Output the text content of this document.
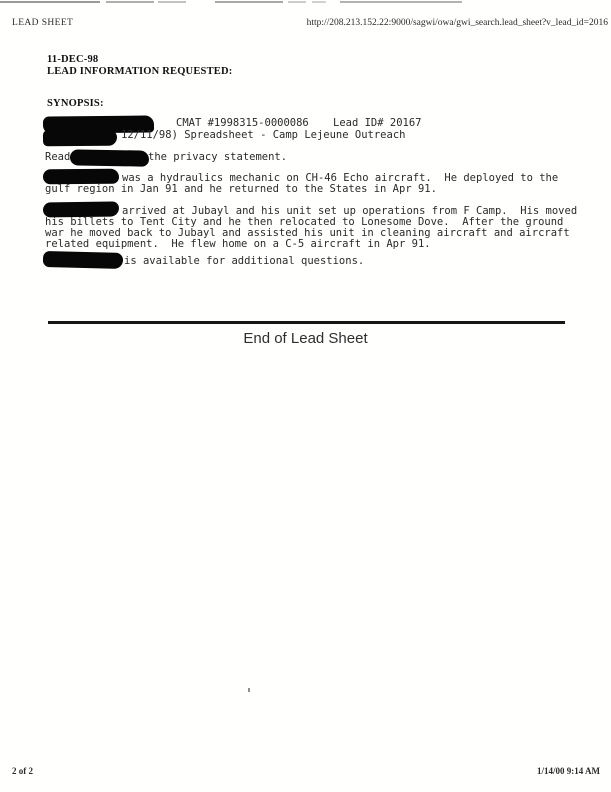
LEAD SHEET	http://208.213.152.22:9000/sagwi/owa/gwi_search.lead_sheet?v_lead_id=2016
11-DEC-98
LEAD INFORMATION REQUESTED:
SYNOPSIS:
CMAT #1998315-0000086 Lead ID# 20167
12/11/98) Spreadsheet - Camp Lejeune Outreach
Read	the privacy statement.
was a hydraulics mechanic on CH-46 Echo aircraft.  He deployed to the
gulf region in Jan 91 and he returned to the States in Apr 91.
arrived at Jubayl and his unit set up operations from F Camp.  His moved
his billets to Tent City and he then relocated to Lonesome Dove.  After the ground
war he moved back to Jubayl and assisted his unit in cleaning aircraft and aircraft
related equipment.  He flew home on a C-5 aircraft in Apr 91.
is available for additional questions.
End of Lead Sheet
2 of 2	1/14/00 9:14 AM
